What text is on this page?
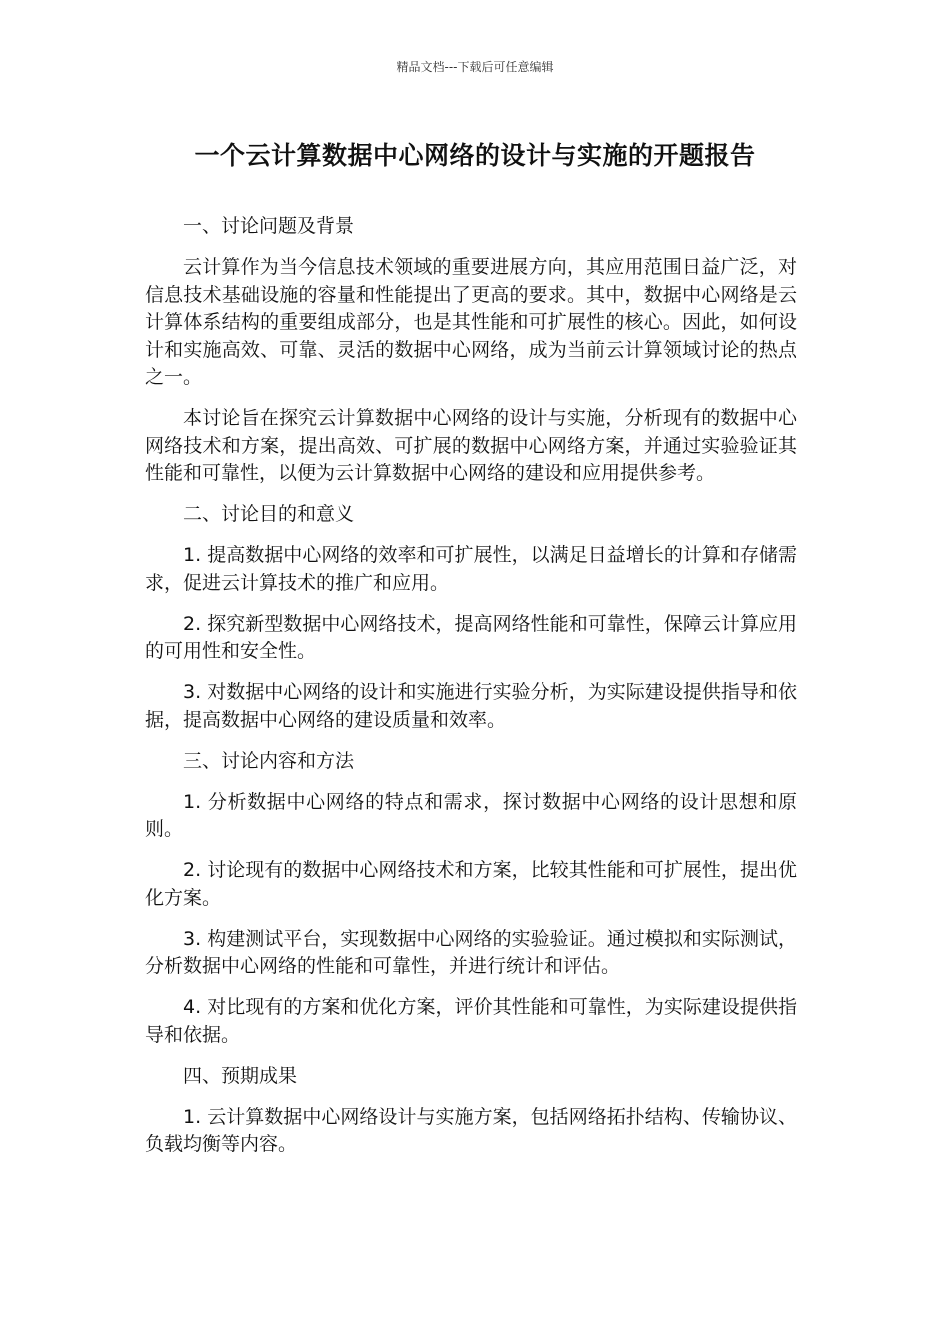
精品文档---下载后可任意编辑
一个云计算数据中心网络的设计与实施的开题报告

一、讨论问题及背景

云计算作为当今信息技术领域的重要进展方向，其应用范围日益广泛，对信息技术基础设施的容量和性能提出了更高的要求。其中，数据中心网络是云计算体系结构的重要组成部分，也是其性能和可扩展性的核心。因此，如何设计和实施高效、可靠、灵活的数据中心网络，成为当前云计算领域讨论的热点之一。

本讨论旨在探究云计算数据中心网络的设计与实施，分析现有的数据中心网络技术和方案，提出高效、可扩展的数据中心网络方案，并通过实验验证其性能和可靠性，以便为云计算数据中心网络的建设和应用提供参考。

二、讨论目的和意义

1. 提高数据中心网络的效率和可扩展性，以满足日益增长的计算和存储需求，促进云计算技术的推广和应用。

2. 探究新型数据中心网络技术，提高网络性能和可靠性，保障云计算应用的可用性和安全性。

3. 对数据中心网络的设计和实施进行实验分析，为实际建设提供指导和依据，提高数据中心网络的建设质量和效率。

三、讨论内容和方法

1. 分析数据中心网络的特点和需求，探讨数据中心网络的设计思想和原则。

2. 讨论现有的数据中心网络技术和方案，比较其性能和可扩展性，提出优化方案。

3. 构建测试平台，实现数据中心网络的实验验证。通过模拟和实际测试，分析数据中心网络的性能和可靠性，并进行统计和评估。

4. 对比现有的方案和优化方案，评价其性能和可靠性，为实际建设提供指导和依据。

四、预期成果

1. 云计算数据中心网络设计与实施方案，包括网络拓扑结构、传输协议、负载均衡等内容。
